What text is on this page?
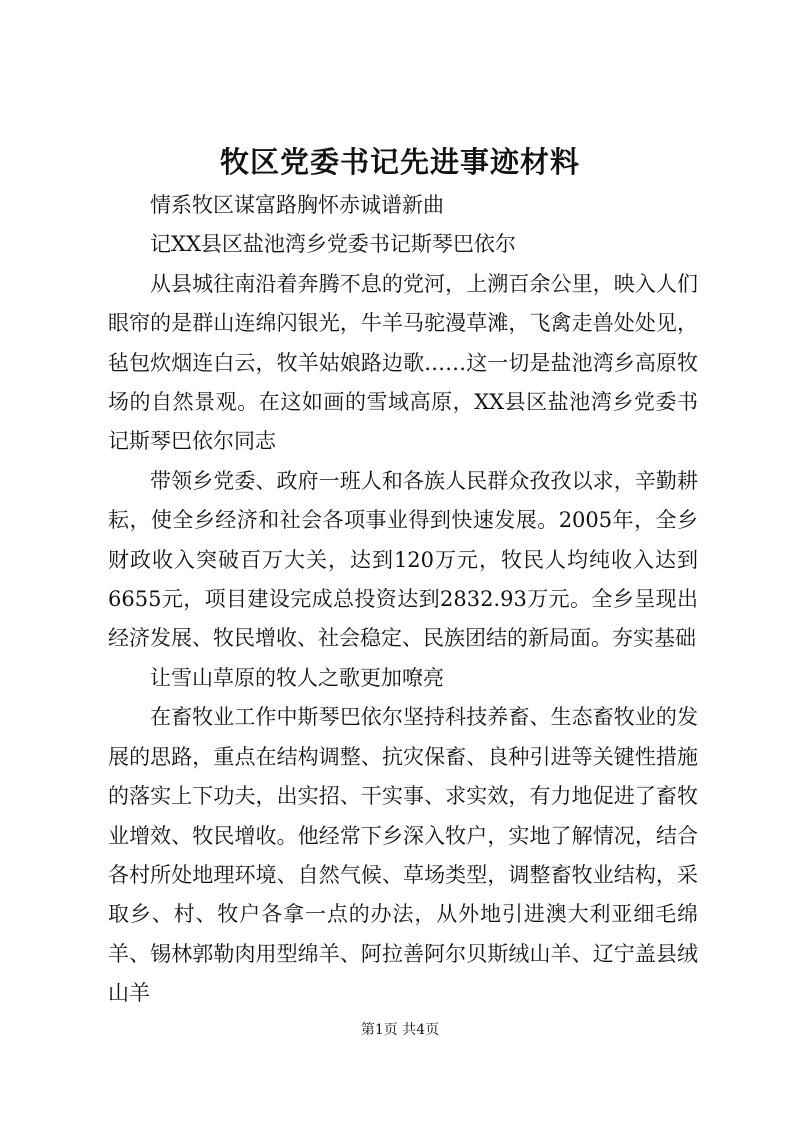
牧区党委书记先进事迹材料

情系牧区谋富路胸怀赤诚谱新曲

记XX县区盐池湾乡党委书记斯琴巴依尔

从县城往南沿着奔腾不息的党河，上溯百余公里，映入人们眼帘的是群山连绵闪银光，牛羊马驼漫草滩，飞禽走兽处处见，毡包炊烟连白云，牧羊姑娘路边歌……这一切是盐池湾乡高原牧场的自然景观。在这如画的雪域高原，XX县区盐池湾乡党委书记斯琴巴依尔同志

带领乡党委、政府一班人和各族人民群众孜孜以求，辛勤耕耘，使全乡经济和社会各项事业得到快速发展。2005年，全乡财政收入突破百万大关，达到120万元，牧民人均纯收入达到6655元，项目建设完成总投资达到2832.93万元。全乡呈现出经济发展、牧民增收、社会稳定、民族团结的新局面。夯实基础

让雪山草原的牧人之歌更加嘹亮

在畜牧业工作中斯琴巴依尔坚持科技养畜、生态畜牧业的发展的思路，重点在结构调整、抗灾保畜、良种引进等关键性措施的落实上下功夫，出实招、干实事、求实效，有力地促进了畜牧业增效、牧民增收。他经常下乡深入牧户，实地了解情况，结合各村所处地理环境、自然气候、草场类型，调整畜牧业结构，采取乡、村、牧户各拿一点的办法，从外地引进澳大利亚细毛绵羊、锡林郭勒肉用型绵羊、阿拉善阿尔贝斯绒山羊、辽宁盖县绒山羊

第1页 共4页
